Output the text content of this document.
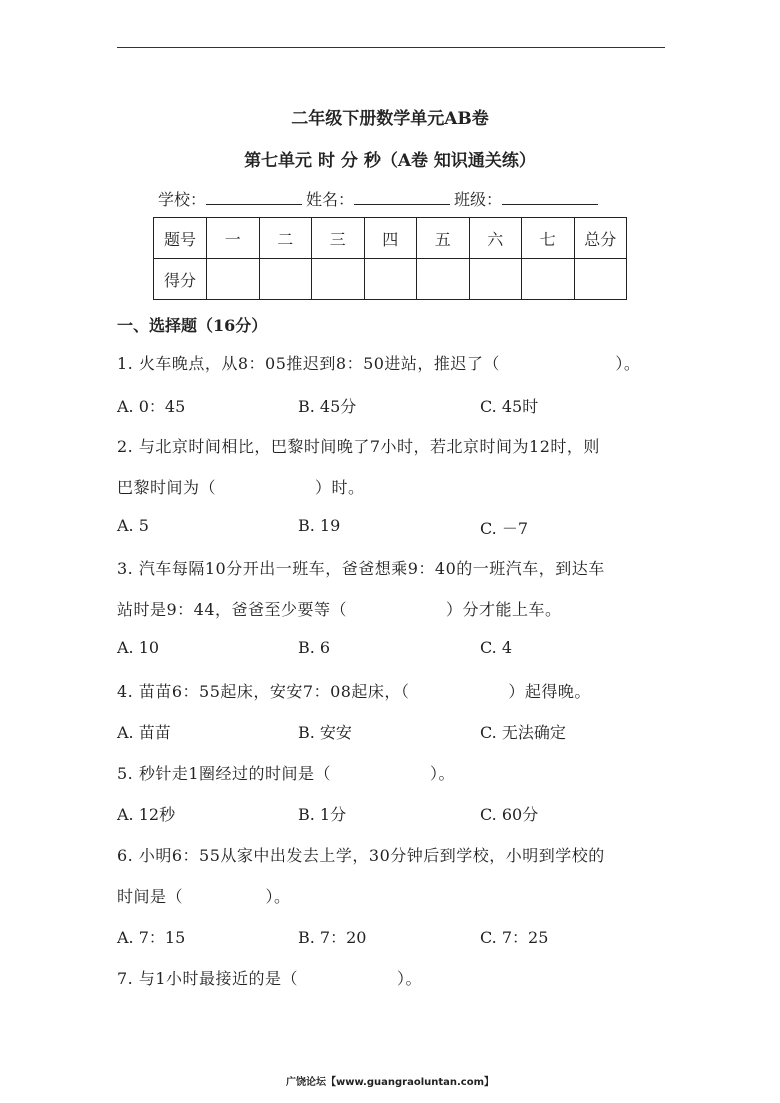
二年级下册数学单元AB卷
第七单元 时 分 秒（A卷 知识通关练）
学校：	姓名：	班级：
题号	一	二	三	四	五	六	七	总分
得分								
一、选择题（16分）
1. 火车晚点，从8：05推迟到8：50进站，推迟了（　　　　　　　）。
A. 0：45	B. 45分	C. 45时
2. 与北京时间相比，巴黎时间晚了7小时，若北京时间为12时，则
巴黎时间为（　　　　　　）时。
A. 5	B. 19	C. －7
3. 汽车每隔10分开出一班车，爸爸想乘9：40的一班汽车，到达车
站时是9：44，爸爸至少要等（　　　　　　）分才能上车。
A. 10	B. 6	C. 4
4. 苗苗6：55起床，安安7：08起床，（　　　　　　）起得晚。
A. 苗苗	B. 安安	C. 无法确定
5. 秒针走1圈经过的时间是（　　　　　　）。
A. 12秒	B. 1分	C. 60分
6. 小明6：55从家中出发去上学，30分钟后到学校，小明到学校的
时间是（　　　　　）。
A. 7：15	B. 7：20	C. 7：25
7. 与1小时最接近的是（　　　　　　）。
广饶论坛【www.guangraoluntan.com】
